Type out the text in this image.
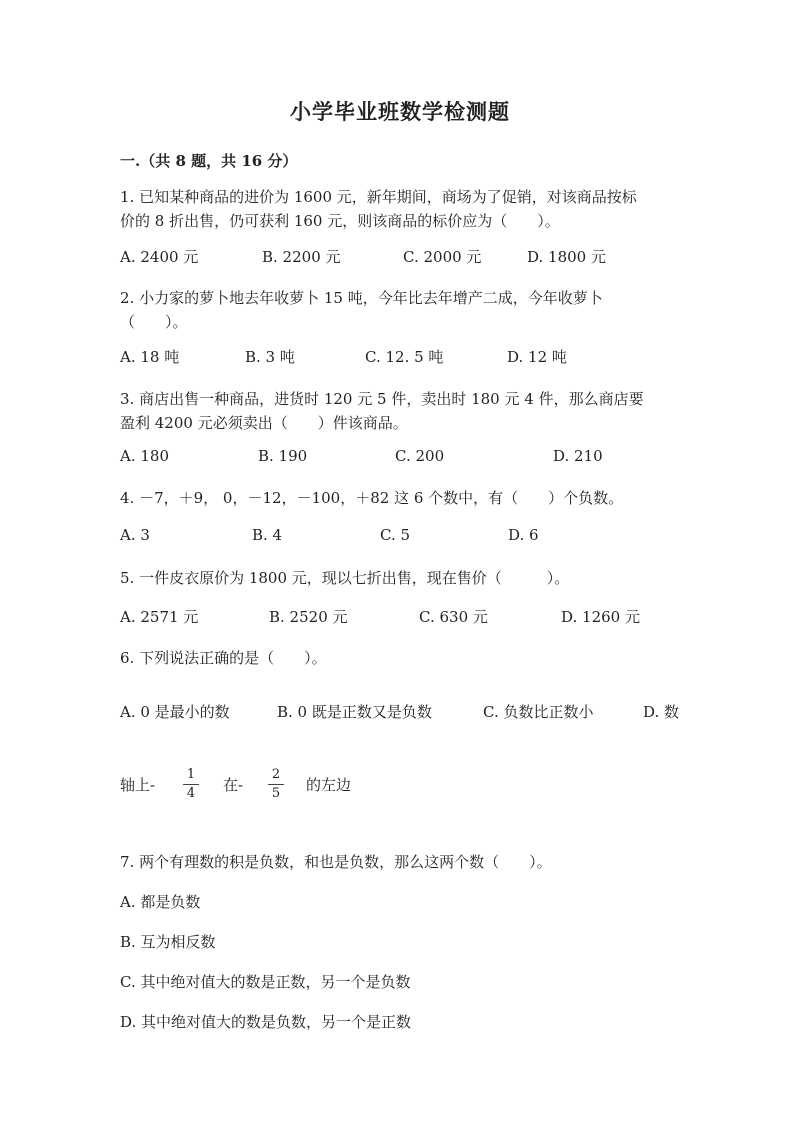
小学毕业班数学检测题
一.（共 8 题，共 16 分）
1. 已知某种商品的进价为 1600 元，新年期间，商场为了促销，对该商品按标价的 8 折出售，仍可获利 160 元，则该商品的标价应为（　　）。
A. 2400 元	B. 2200 元	C. 2000 元	D. 1800 元
2. 小力家的萝卜地去年收萝卜 15 吨，今年比去年增产二成，今年收萝卜（　　）。
A. 18 吨	B. 3 吨	C. 12. 5 吨	D. 12 吨
3. 商店出售一种商品，进货时 120 元 5 件，卖出时 180 元 4 件，那么商店要盈利 4200 元必须卖出（　　）件该商品。
A. 180	B. 190	C. 200	D. 210
4. －7，＋9， 0，－12，－100，＋82 这 6 个数中，有（　　）个负数。
A. 3	B. 4	C. 5	D. 6
5. 一件皮衣原价为 1800 元，现以七折出售，现在售价（　　　）。
A. 2571 元	B. 2520 元	C. 630 元	D. 1260 元
6. 下列说法正确的是（　　）。
A. 0 是最小的数	B. 0 既是正数又是负数	C. 负数比正数小	D. 数
轴上- $\frac{1}{4}$ 在- $\frac{2}{5}$ 的左边
7. 两个有理数的积是负数，和也是负数，那么这两个数（　　）。
A. 都是负数
B. 互为相反数
C. 其中绝对值大的数是正数，另一个是负数
D. 其中绝对值大的数是负数，另一个是正数
